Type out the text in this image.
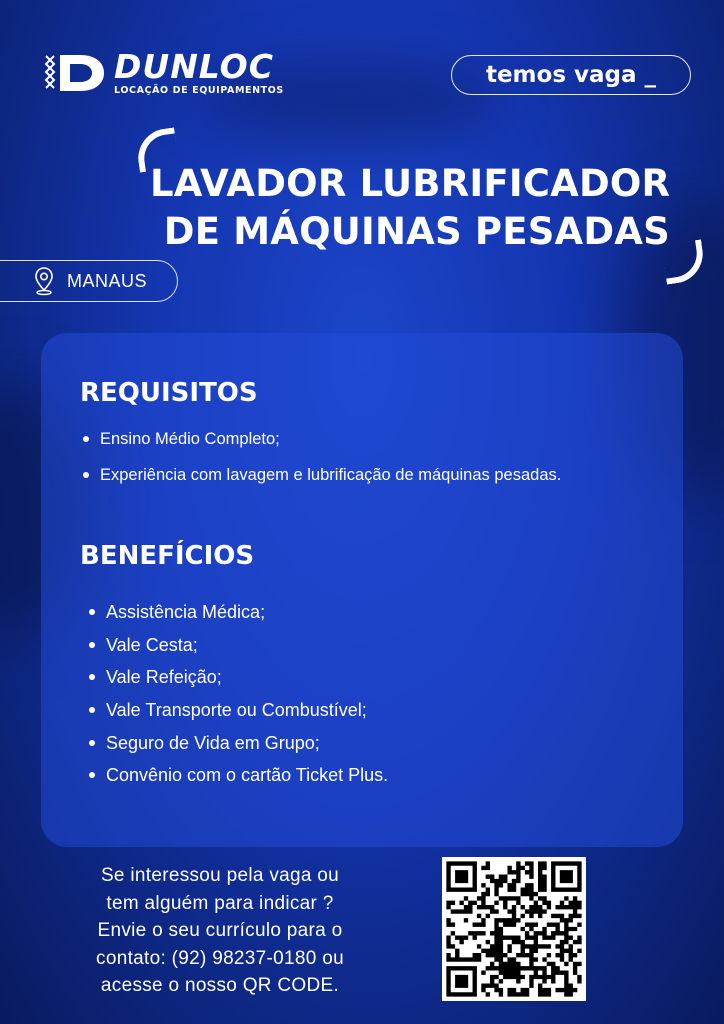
DUNLOC
LOCAÇÃO DE EQUIPAMENTOS
temos vaga _
LAVADOR LUBRIFICADOR
DE MÁQUINAS PESADAS
MANAUS
REQUISITOS
Ensino Médio Completo;
Experiência com lavagem e lubrificação de máquinas pesadas.
BENEFÍCIOS
Assistência Médica;
Vale Cesta;
Vale Refeição;
Vale Transporte ou Combustível;
Seguro de Vida em Grupo;
Convênio com o cartão Ticket Plus.
Se interessou pela vaga ou
tem alguém para indicar ?
Envie o seu currículo para o
contato: (92) 98237-0180 ou
acesse o nosso QR CODE.
